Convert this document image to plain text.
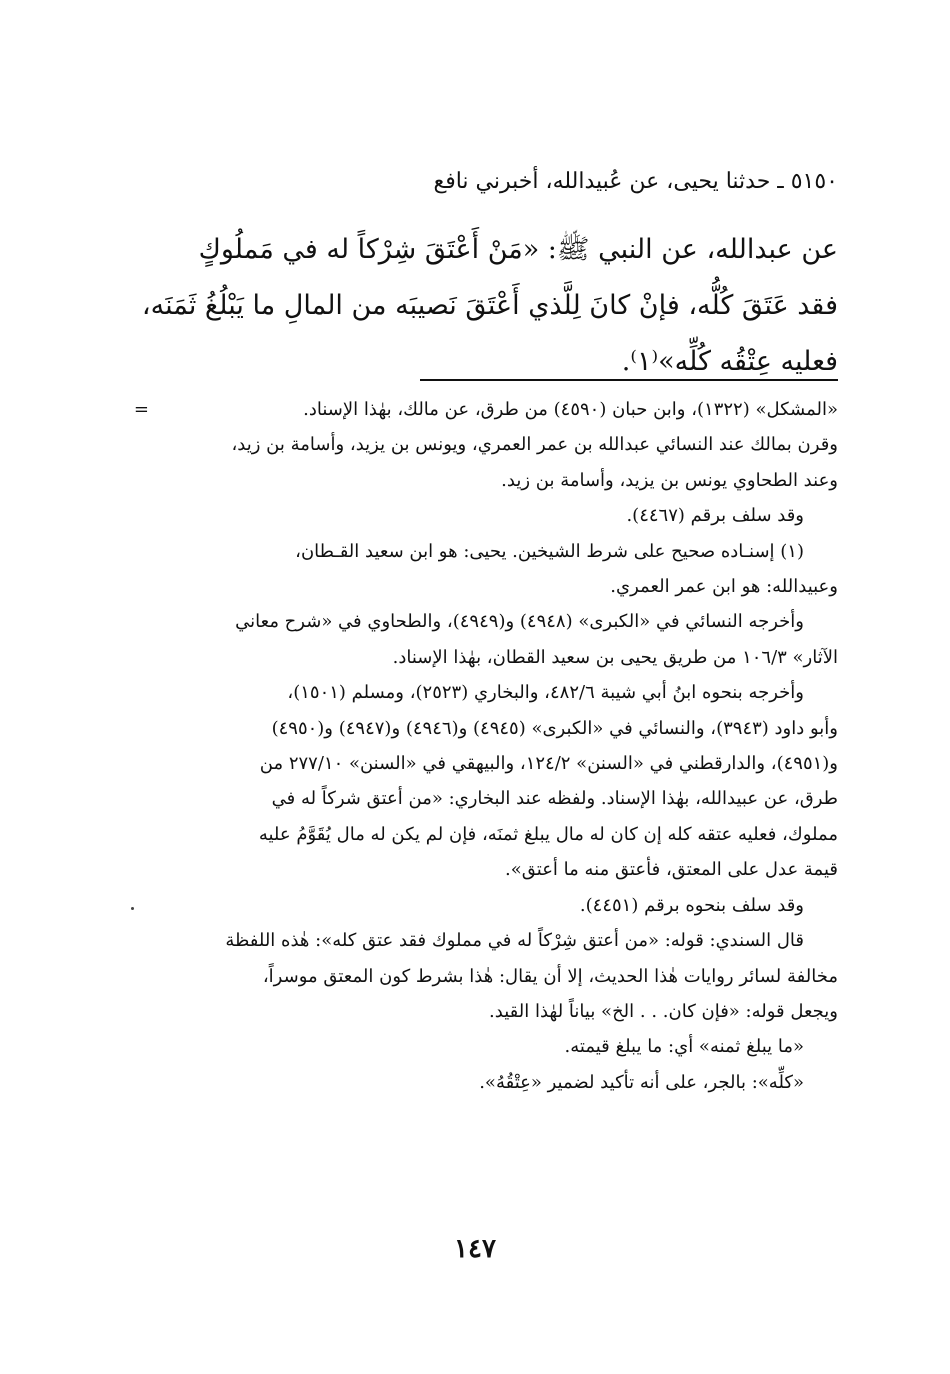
٥١٥٠ ـ حدثنا يحيى، عن عُبيدالله، أخبرني نافع
عن عبدالله، عن النبي ﷺ: «مَنْ أَعْتَقَ شِرْكاً له في مَملُوكٍ
فقد عَتَقَ كُلُّه، فإنْ كانَ لِلَّذي أَعْتَقَ نَصيبَه من المالِ ما يَبْلُغُ ثَمَنَه،
فعليه عِتْقُه كُلِّه»⁽١⁾.
=	«المشكل» (١٣٢٢)، وابن حبان (٤٥٩٠) من طرق، عن مالك، بهٰذا الإسناد.
وقرن بمالك عند النسائي عبدالله بن عمر العمري، ويونس بن يزيد، وأسامة بن زيد،
وعند الطحاوي يونس بن يزيد، وأسامة بن زيد.
وقد سلف برقم (٤٤٦٧).
(١) إسنـاده صحيح على شرط الشيخين. يحيى: هو ابن سعيد القـطان،
وعبيدالله: هو ابن عمر العمري.
وأخرجه النسائي في «الكبرى» (٤٩٤٨) و(٤٩٤٩)، والطحاوي في «شرح معاني
الآثار» ١٠٦/٣ من طريق يحيى بن سعيد القطان، بهٰذا الإسناد.
وأخرجه بنحوه ابنُ أبي شيبة ٤٨٢/٦، والبخاري (٢٥٢٣)، ومسلم (١٥٠١)،
وأبو داود (٣٩٤٣)، والنسائي في «الكبرى» (٤٩٤٥) و(٤٩٤٦) و(٤٩٤٧) و(٤٩٥٠)
و(٤٩٥١)، والدارقطني في «السنن» ١٢٤/٢، والبيهقي في «السنن» ٢٧٧/١٠ من
طرق، عن عبيدالله، بهٰذا الإسناد. ولفظه عند البخاري: «من أعتق شركاً له في
مملوك، فعليه عتقه كله إن كان له مال يبلغ ثمنَه، فإن لم يكن له مال يُقَوَّمُ عليه
قيمة عدل على المعتق، فأعتق منه ما أعتق».
وقد سلف بنحوه برقم (٤٤٥١).
قال السندي: قوله: «من أعتق شِرْكاً له في مملوك فقد عتق كله»: هٰذه اللفظة
مخالفة لسائر روايات هٰذا الحديث، إلا أن يقال: هٰذا بشرط كون المعتق موسراً،
ويجعل قوله: «فإن كان. . . الخ» بياناً لهٰذا القيد.
«ما يبلغ ثمنه» أي: ما يبلغ قيمته.
«كلِّه»: بالجر، على أنه تأكيد لضمير «عِتْقُهُ».
١٤٧
